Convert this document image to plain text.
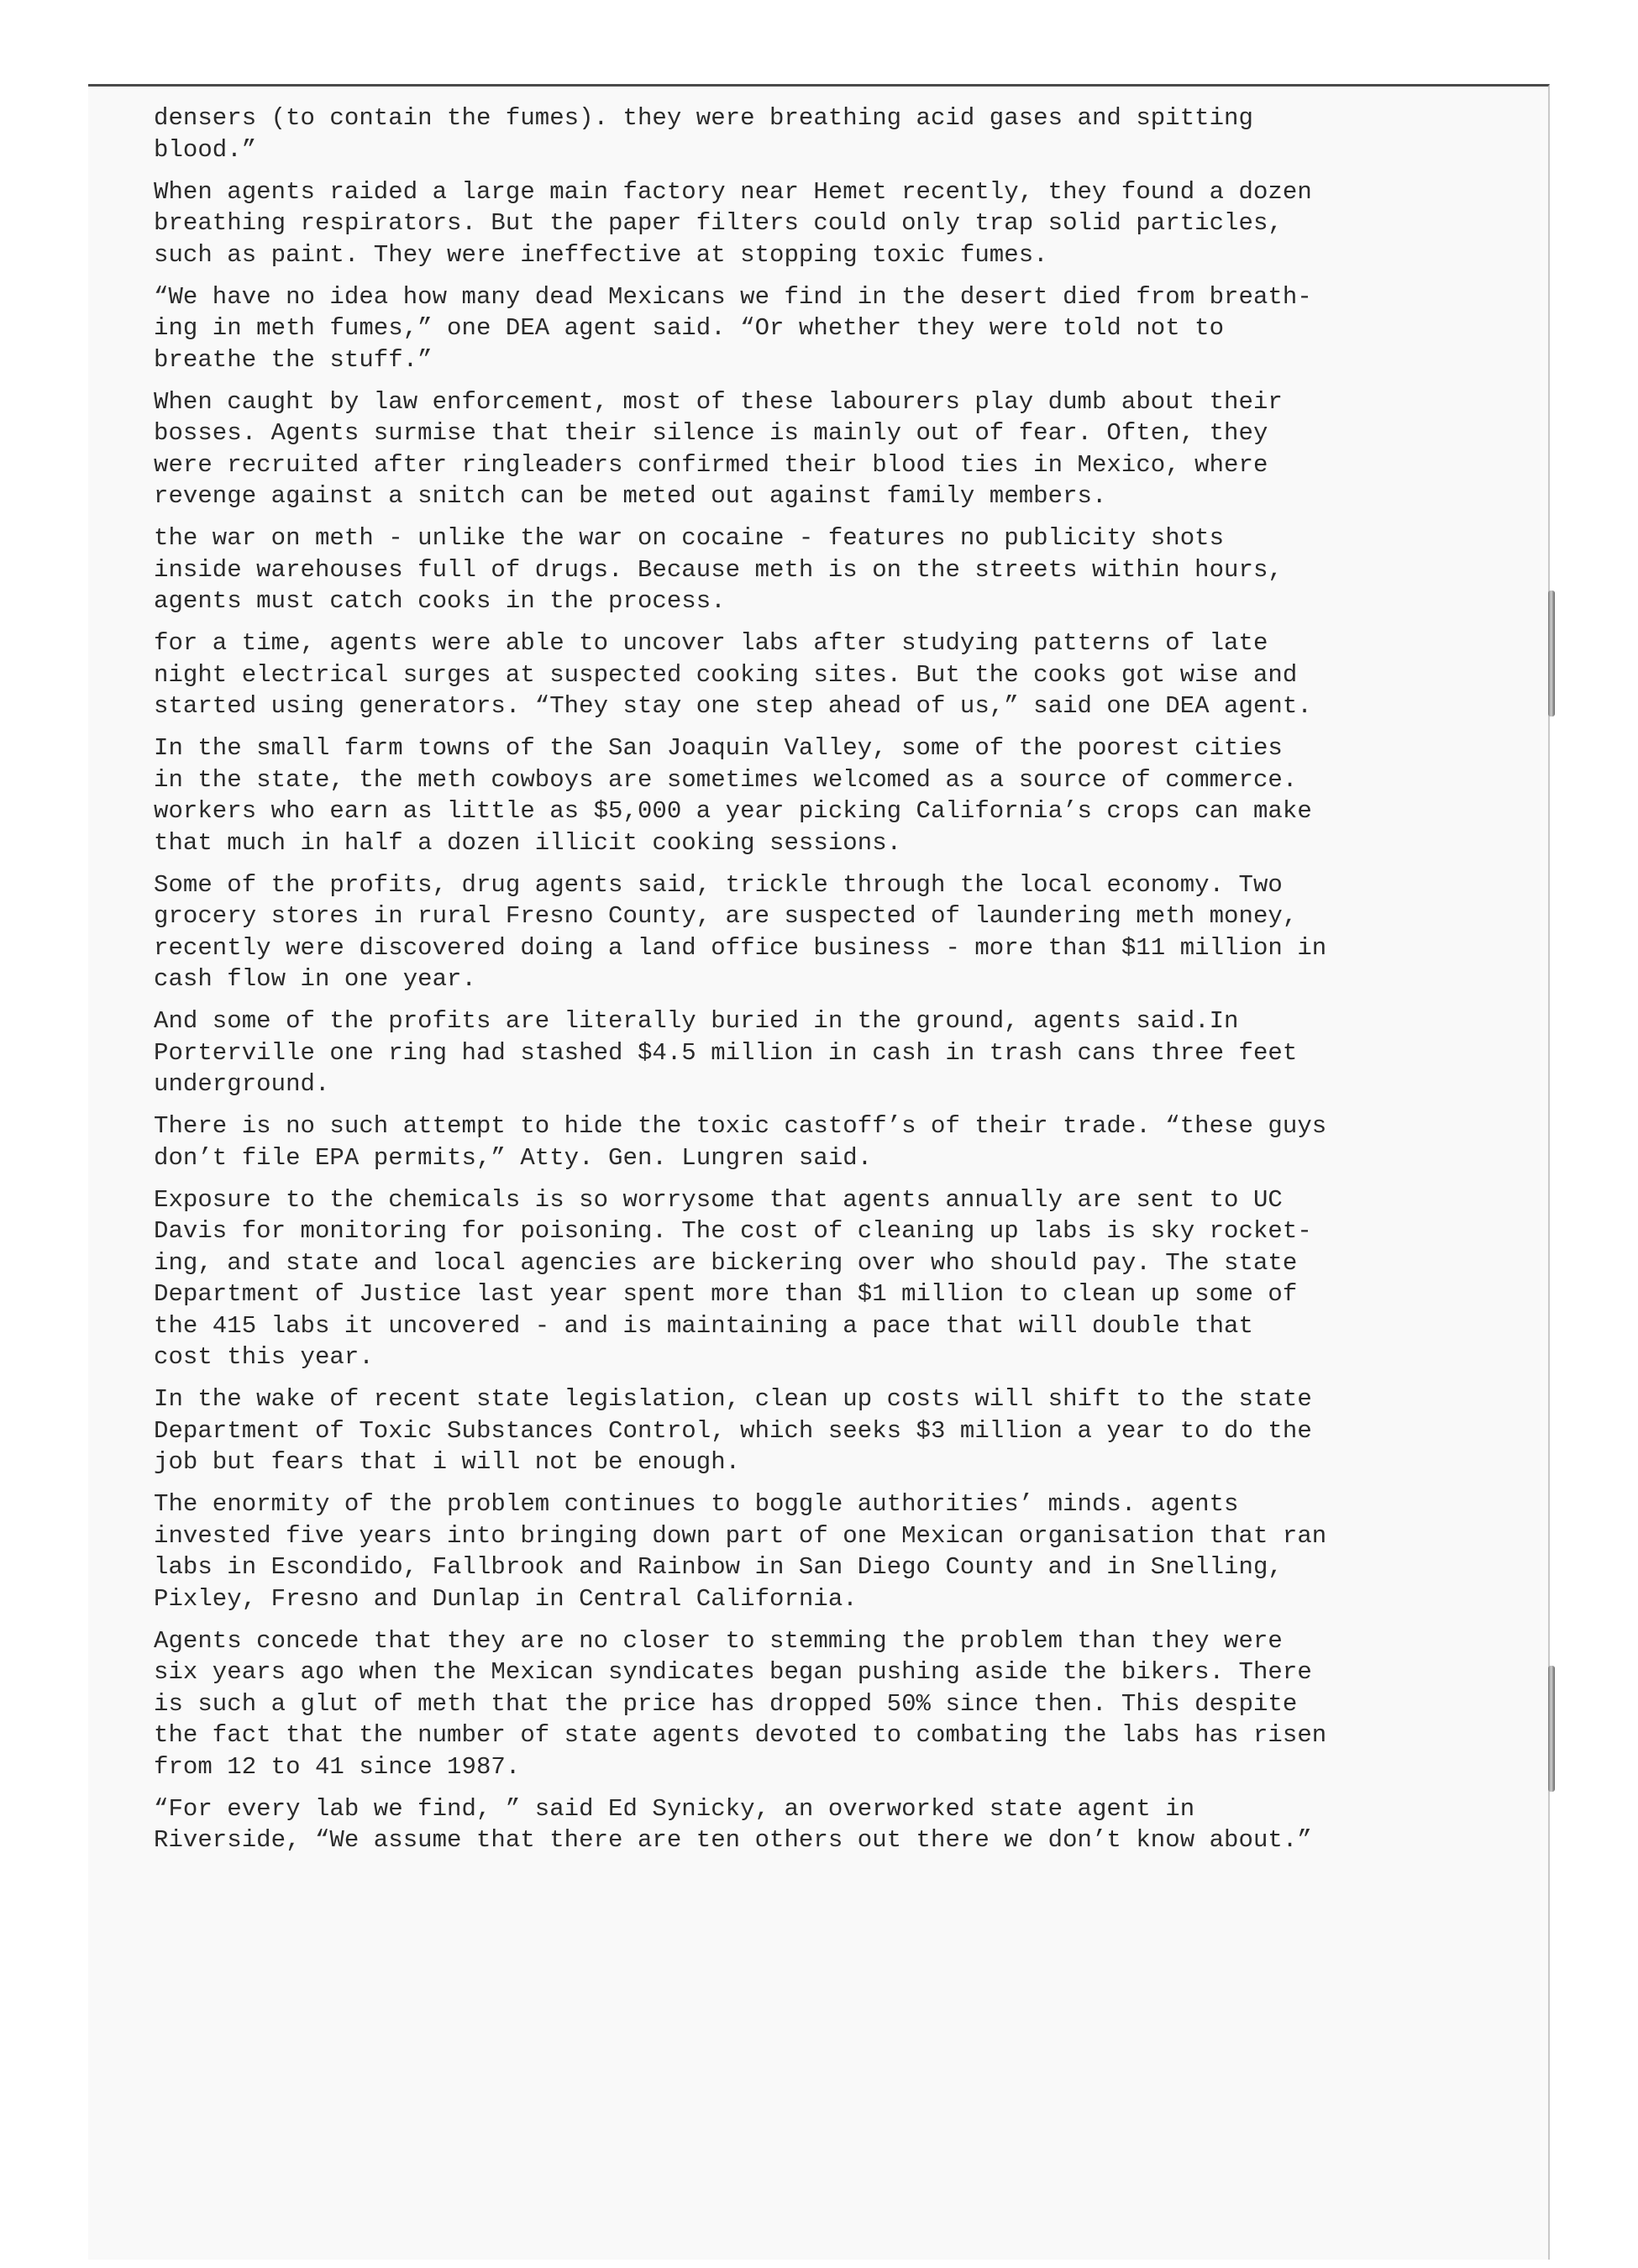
densers (to contain the fumes). they were breathing acid gases and spitting
blood.”

When agents raided a large main factory near Hemet recently, they found a dozen
breathing respirators. But the paper filters could only trap solid particles,
such as paint. They were ineffective at stopping toxic fumes.

“We have no idea how many dead Mexicans we find in the desert died from breath-
ing in meth fumes,” one DEA agent said. “Or whether they were told not to
breathe the stuff.”

When caught by law enforcement, most of these labourers play dumb about their
bosses. Agents surmise that their silence is mainly out of fear. Often, they
were recruited after ringleaders confirmed their blood ties in Mexico, where
revenge against a snitch can be meted out against family members.

the war on meth - unlike the war on cocaine - features no publicity shots
inside warehouses full of drugs. Because meth is on the streets within hours,
agents must catch cooks in the process.

for a time, agents were able to uncover labs after studying patterns of late
night electrical surges at suspected cooking sites. But the cooks got wise and
started using generators. “They stay one step ahead of us,” said one DEA agent.

In the small farm towns of the San Joaquin Valley, some of the poorest cities
in the state, the meth cowboys are sometimes welcomed as a source of commerce.
workers who earn as little as $5,000 a year picking California’s crops can make
that much in half a dozen illicit cooking sessions.

Some of the profits, drug agents said, trickle through the local economy. Two
grocery stores in rural Fresno County, are suspected of laundering meth money,
recently were discovered doing a land office business - more than $11 million in
cash flow in one year.

And some of the profits are literally buried in the ground, agents said.In
Porterville one ring had stashed $4.5 million in cash in trash cans three feet
underground.

There is no such attempt to hide the toxic castoff’s of their trade. “these guys
don’t file EPA permits,” Atty. Gen. Lungren said.

Exposure to the chemicals is so worrysome that agents annually are sent to UC
Davis for monitoring for poisoning. The cost of cleaning up labs is sky rocket-
ing, and state and local agencies are bickering over who should pay. The state
Department of Justice last year spent more than $1 million to clean up some of
the 415 labs it uncovered - and is maintaining a pace that will double that
cost this year.

In the wake of recent state legislation, clean up costs will shift to the state
Department of Toxic Substances Control, which seeks $3 million a year to do the
job but fears that i will not be enough.

The enormity of the problem continues to boggle authorities’ minds. agents
invested five years into bringing down part of one Mexican organisation that ran
labs in Escondido, Fallbrook and Rainbow in San Diego County and in Snelling,
Pixley, Fresno and Dunlap in Central California.

Agents concede that they are no closer to stemming the problem than they were
six years ago when the Mexican syndicates began pushing aside the bikers. There
is such a glut of meth that the price has dropped 50% since then. This despite
the fact that the number of state agents devoted to combating the labs has risen
from 12 to 41 since 1987.

“For every lab we find, ” said Ed Synicky, an overworked state agent in
Riverside, “We assume that there are ten others out there we don’t know about.”
